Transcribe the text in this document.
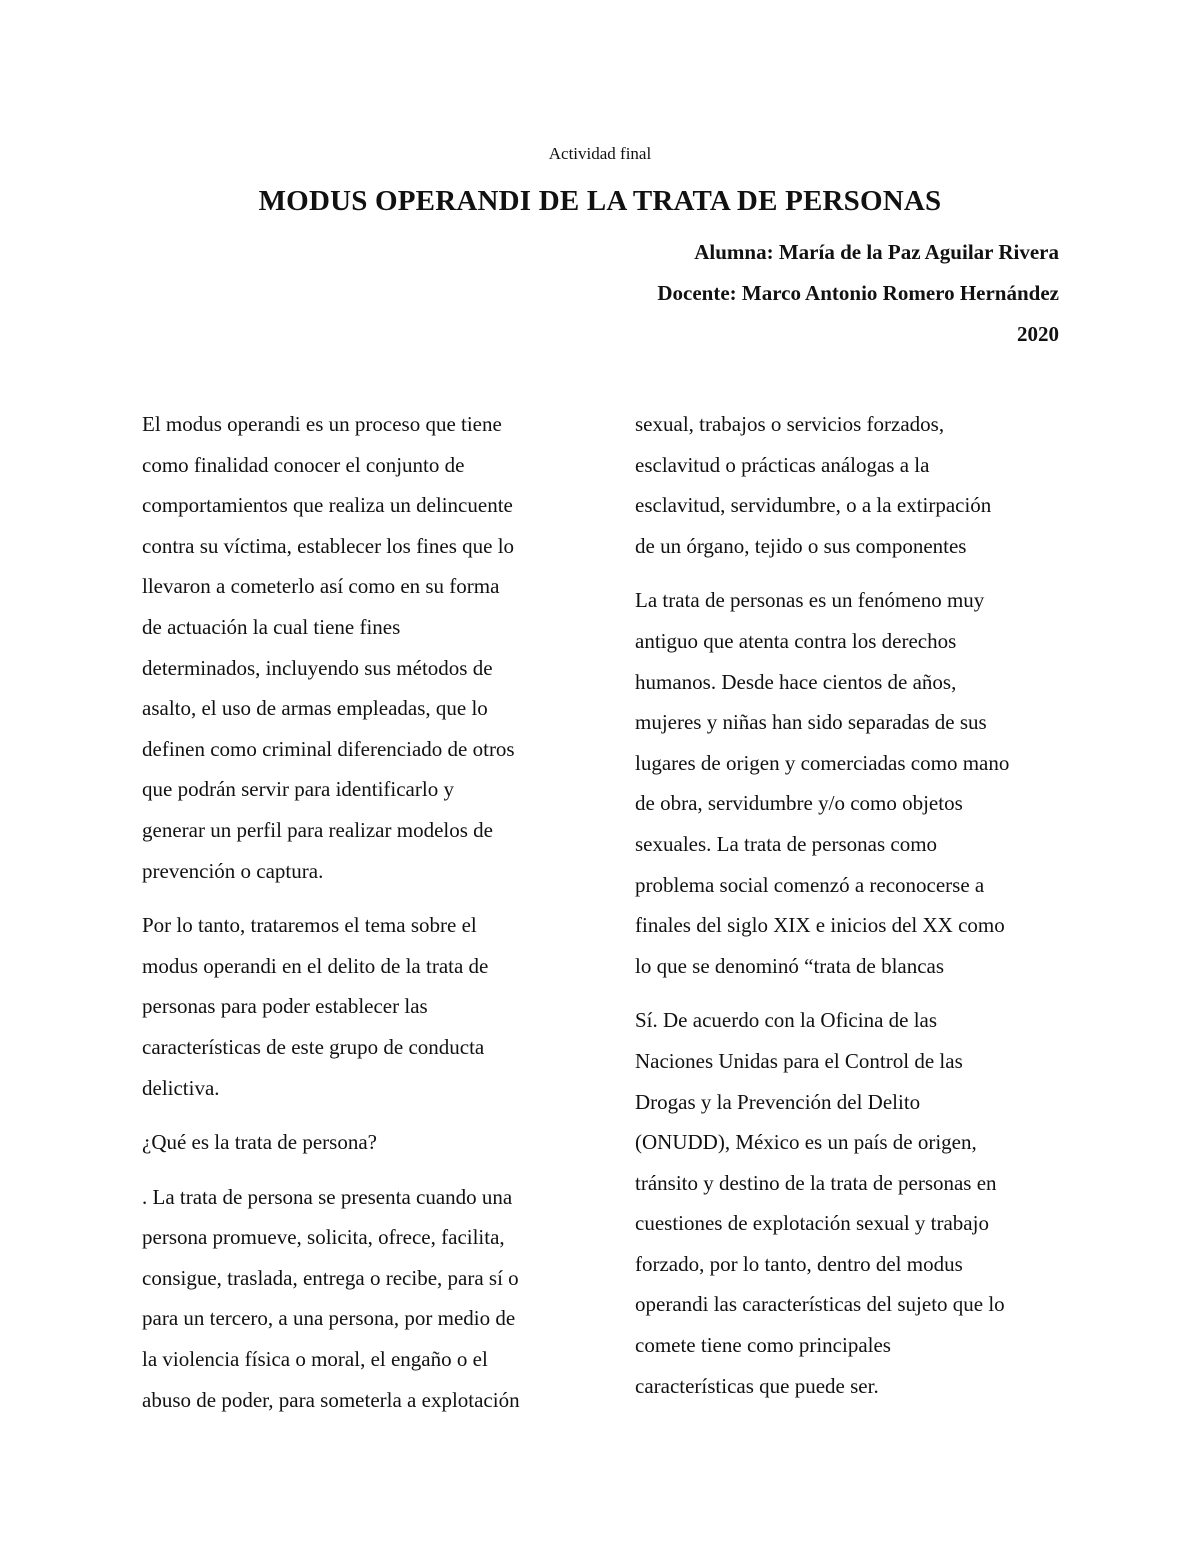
Actividad final
MODUS OPERANDI DE LA TRATA DE PERSONAS
Alumna: María de la Paz Aguilar Rivera
Docente: Marco Antonio Romero Hernández
2020

El modus operandi es un proceso que tiene
como finalidad conocer el conjunto de
comportamientos que realiza un delincuente
contra su víctima, establecer los fines que lo
llevaron a cometerlo así como en su forma
de actuación la cual tiene fines
determinados, incluyendo sus métodos de
asalto, el uso de armas empleadas, que lo
definen como criminal diferenciado de otros
que podrán servir para identificarlo y
generar un perfil para realizar modelos de
prevención o captura.

Por lo tanto, trataremos el tema sobre el
modus operandi en el delito de la trata de
personas para poder establecer las
características de este grupo de conducta
delictiva.

¿Qué es la trata de persona?

. La trata de persona se presenta cuando una
persona promueve, solicita, ofrece, facilita,
consigue, traslada, entrega o recibe, para sí o
para un tercero, a una persona, por medio de
la violencia física o moral, el engaño o el
abuso de poder, para someterla a explotación

sexual, trabajos o servicios forzados,
esclavitud o prácticas análogas a la
esclavitud, servidumbre, o a la extirpación
de un órgano, tejido o sus componentes

La trata de personas es un fenómeno muy
antiguo que atenta contra los derechos
humanos. Desde hace cientos de años,
mujeres y niñas han sido separadas de sus
lugares de origen y comerciadas como mano
de obra, servidumbre y/o como objetos
sexuales. La trata de personas como
problema social comenzó a reconocerse a
finales del siglo XIX e inicios del XX como
lo que se denominó “trata de blancas

Sí. De acuerdo con la Oficina de las
Naciones Unidas para el Control de las
Drogas y la Prevención del Delito
(ONUDD), México es un país de origen,
tránsito y destino de la trata de personas en
cuestiones de explotación sexual y trabajo
forzado, por lo tanto, dentro del modus
operandi las características del sujeto que lo
comete tiene como principales
características que puede ser.
